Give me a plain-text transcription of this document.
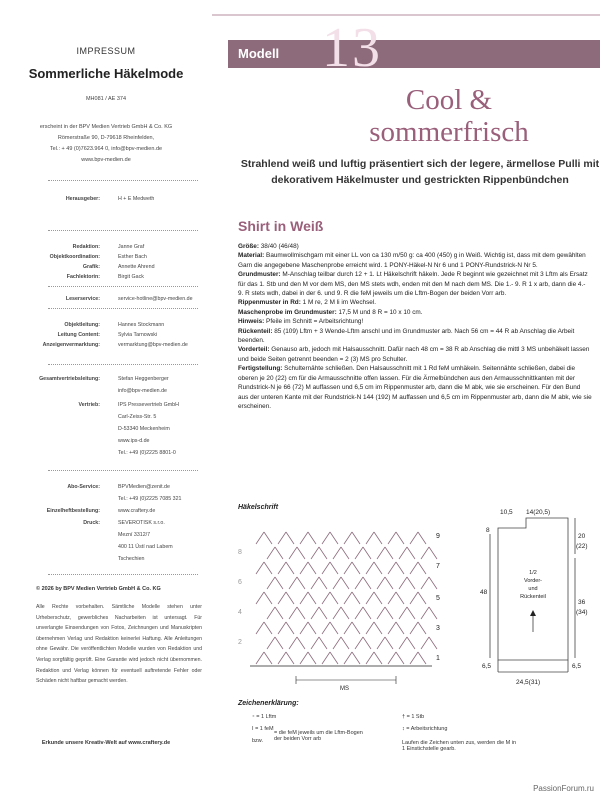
IMPRESSUM
Sommerliche Häkelmode
MH081 / AE 374
erscheint in der BPV Medien Vertrieb GmbH & Co. KG
Römerstraße 90, D-79618 Rheinfelden,
Tel.: + 49 (0)7623.964 0, info@bpv-medien.de
www.bpv-medien.de
Herausgeber:	H + E Medweth
Redaktion:	Janne Graf
Objektkoordination:	Esther Bach
Grafik:	Annette Ahrend
Fachlektorin:	Birgit Gack
Leserservice:	service-hotline@bpv-medien.de
Objektleitung:	Hannes Stockmann
Leitung Content:	Sylvia Tarnowski
Anzeigenvermarktung:	vermarktung@bpv-medien.de
Gesamtvertriebsleitung:	Stefan Heggenberger
info@bpv-medien.de
Vertrieb:	IPS Pressevertrieb GmbH
Carl-Zeiss-Str. 5
D-53340 Meckenheim
www.ips-d.de
Tel.: +49 (0)2225 8801-0
Abo-Service:	BPVMedien@zenit.de
Tel.: +49 (0)2225 7085 321
Einzelheftbestellung:	www.craftery.de
Druck:	SEVEROTISK s.r.o.
Mezní 3312/7
400 11 Ústí nad Labem
Tschechien
© 2026 by BPV Medien Vertrieb GmbH & Co. KG
Alle Rechte vorbehalten. Sämtliche Modelle stehen unter Urheberschutz, gewerbliches Nacharbeiten ist untersagt. Für unverlangte Einsendungen von Fotos, Zeichnungen und Manuskripten übernehmen Verlag und Redaktion keinerlei Haftung. Alle Anleitungen ohne Gewähr. Die veröffentlichten Modelle wurden von Redaktion und Verlag sorgfältig geprüft. Eine Garantie wird jedoch nicht übernommen. Redaktion und Verlag können für eventuell auftretende Fehler oder Schäden nicht haftbar gemacht werden.
Erkunde unsere Kreativ-Welt auf www.craftery.de
Modell 13
Cool &
sommerfrisch
Strahlend weiß und luftig präsentiert sich der legere, ärmellose Pulli mit dekorativem Häkelmuster und gestrickten Rippenbündchen
Shirt in Weiß

Größe: 38/40 (46/48)

Material: Baumwollmischgarn mit einer LL von ca 130 m/50 g: ca 400 (450) g in Weiß. Wichtig ist, dass mit dem gewählten Garn die angegebene Maschenprobe erreicht wird. 1 PONY-Häkel-N Nr 6 und 1 PONY-Rundstrick-N Nr 5.

Grundmuster: M-Anschlag teilbar durch 12 + 1. Lt Häkelschrift häkeln. Jede R beginnt wie gezeichnet mit 3 Lftm als Ersatz für das 1. Stb und den M vor dem MS, den MS stets wdh, enden mit den M nach dem MS. Die 1.- 9. R 1 x arb, dann die 4.- 9. R stets wdh, dabei in der 6. und 9. R die feM jeweils um die Lftm-Bogen der beiden Vorr arb.

Rippenmuster in Rd: 1 M re, 2 M li im Wechsel.

Maschenprobe im Grundmuster: 17,5 M und 8 R = 10 x 10 cm.

Hinweis: Pfeile im Schnitt = Arbeitsrichtung!

Rückenteil: 85 (109) Lftm + 3 Wende-Lftm anschl und im Grundmuster arb. Nach 56 cm = 44 R ab Anschlag die Arbeit beenden.

Vorderteil: Genauso arb, jedoch mit Halsausschnitt. Dafür nach 48 cm = 38 R ab Anschlag die mittl 3 MS unbehäkelt lassen und beide Seiten getrennt beenden = 2 (3) MS pro Schulter.

Fertigstellung: Schulternähte schließen. Den Halsausschnitt mit 1 Rd feM umhäkeln. Seitennähte schließen, dabei die oberen je 20 (22) cm für die Armausschnitte offen lassen. Für die Ärmelbündchen aus den Armausschnittkanten mit der Rundstrick-N je 66 (72) M auffassen und 6,5 cm im Rippenmuster arb, dann die M abk, wie sie erscheinen. Für den Bund aus der unteren Kante mit der Rundstrick-N 144 (192) M auffassen und 6,5 cm im Rippenmuster arb, dann die M abk, wie sie erscheinen.

Häkelschrift
9
7
5
3
1
8
6
4
2
MS
10,5 14(20,5)
8
20
(22)
48
36
(34)
6,5	6,5
24,5(31)
1/2
Vorder-
und
Rückenteil
Zeichenerklärung:
⁃ = 1 Lftm
I = 1 feM
bzw.
= die feM jeweils um die Lftm-Bogen
der beiden Vorr arb
† = 1 Stb
↕ = Arbeitsrichtung
Laufen die Zeichen unten zus, werden die M in
1 Einstichstelle gearb.
PassionForum.ru
